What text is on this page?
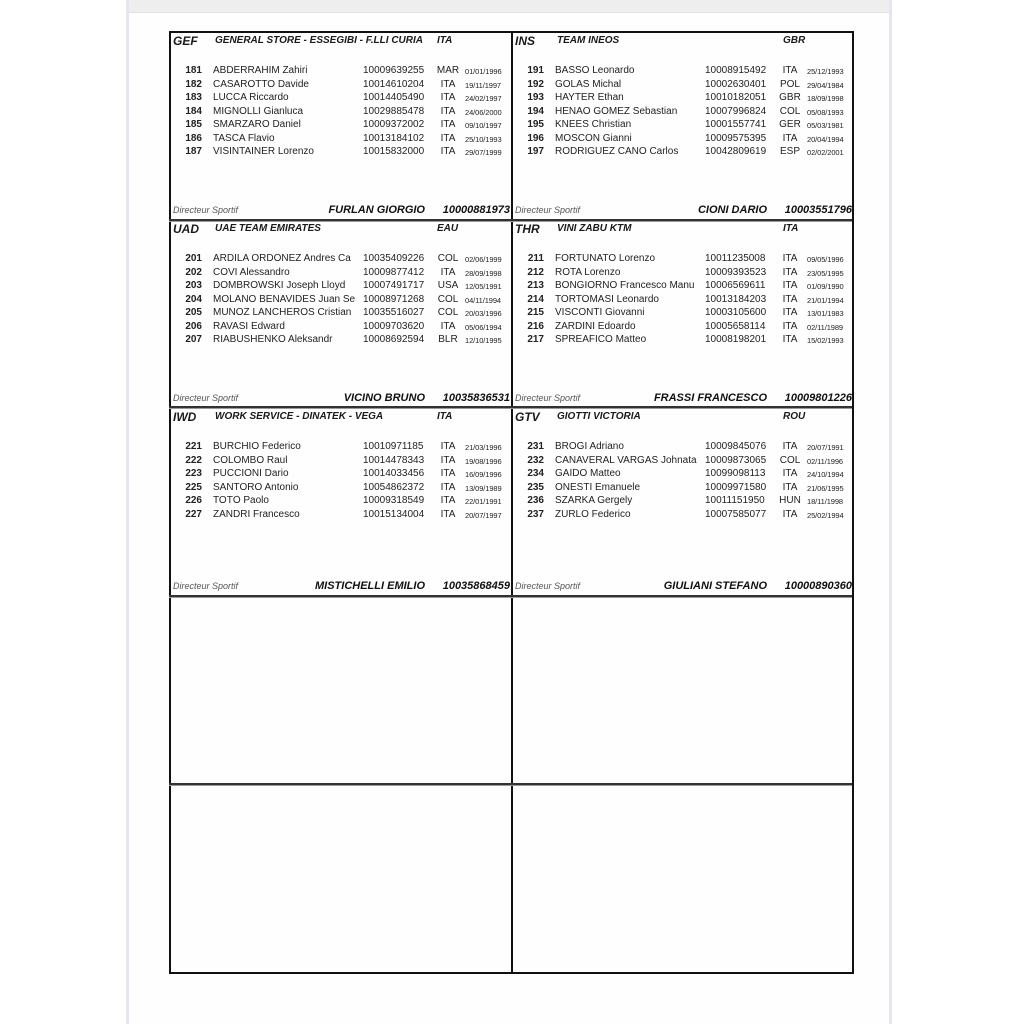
GEF GENERAL STORE - ESSEGIBI - F.LLI CURIA ITA
181 ABDERRAHIM Zahiri	10009639255	MAR 01/01/1996
182 CASAROTTO Davide	10014610204	ITA	19/11/1997
183 LUCCA Riccardo	10014405490	ITA	24/02/1997
184 MIGNOLLI Gianluca	10029885478	ITA	24/06/2000
185 SMARZARO Daniel	10009372002	ITA	09/10/1997
186 TASCA Flavio	10013184102	ITA	25/10/1993
187 VISINTAINER Lorenzo	10015832000	ITA	29/07/1999
Directeur Sportif	FURLAN GIORGIO 10000881973
INS TEAM INEOS	GBR
191 BASSO Leonardo	10008915492	ITA	25/12/1993
192 GOLAS Michal	10002630401	POL 29/04/1984
193 HAYTER Ethan	10010182051	GBR 18/09/1998
194 HENAO GOMEZ Sebastian	10007996824	COL 05/08/1993
195 KNEES Christian	10001557741	GER 05/03/1981
196 MOSCON Gianni	10009575395	ITA	20/04/1994
197 RODRIGUEZ CANO Carlos	10042809619	ESP 02/02/2001
Directeur Sportif	CIONI DARIO 10003551796
UAD UAE TEAM EMIRATES	EAU
201 ARDILA ORDOÑEZ Andres Ca	10035409226	COL 02/06/1999
202 COVI Alessandro	10009877412	ITA	28/09/1998
203 DOMBROWSKI Joseph Lloyd	10007491717	USA 12/05/1991
204 MOLANO BENAVIDES Juan Se 10008971268	COL 04/11/1994
205 MUÑOZ LANCHEROS Cristian	10035516027	COL 20/03/1996
206 RAVASI Edward	10009703620	ITA	05/06/1994
207 RIABUSHENKO Aleksandr	10008692594	BLR 12/10/1995
Directeur Sportif	VICINO BRUNO 10035836531
THR VINI ZABU KTM	ITA
211 FORTUNATO Lorenzo	10011235008	ITA	09/05/1996
212 ROTA Lorenzo	10009393523	ITA	23/05/1995
213 BONGIORNO Francesco Manu	10006569611	ITA	01/09/1990
214 TORTOMASI Leonardo	10013184203	ITA	21/01/1994
215 VISCONTI Giovanni	10003105600	ITA	13/01/1983
216 ZARDINI Edoardo	10005658114	ITA	02/11/1989
217 SPREAFICO Matteo	10008198201	ITA	15/02/1993
Directeur Sportif	FRASSI FRANCESCO 10009801226
IWD WORK SERVICE - DINATEK - VEGA	ITA
221 BURCHIO Federico	10010971185	ITA	21/03/1996
222 COLOMBO Raul	10014478343	ITA	19/08/1996
223 PUCCIONI Dario	10014033456	ITA	16/09/1996
225 SANTORO Antonio	10054862372	ITA	13/09/1989
226 TOTÒ Paolo	10009318549	ITA	22/01/1991
227 ZANDRI Francesco	10015134004	ITA	20/07/1997
Directeur Sportif	MISTICHELLI EMILIO 10035868459
GTV GIOTTI VICTORIA	ROU
231 BROGI Adriano	10009845076	ITA	20/07/1991
232 CAÑAVERAL VARGAS Johnata 10009873065	COL 02/11/1996
234 GAIDO Matteo	10099098113	ITA	24/10/1994
235 ONESTI Emanuele	10009971580	ITA	21/06/1995
236 SZARKA Gergely	10011151950	HUN 18/11/1998
237 ZURLO Federico	10007585077	ITA	25/02/1994
Directeur Sportif	GIULIANI STEFANO 10000890360
